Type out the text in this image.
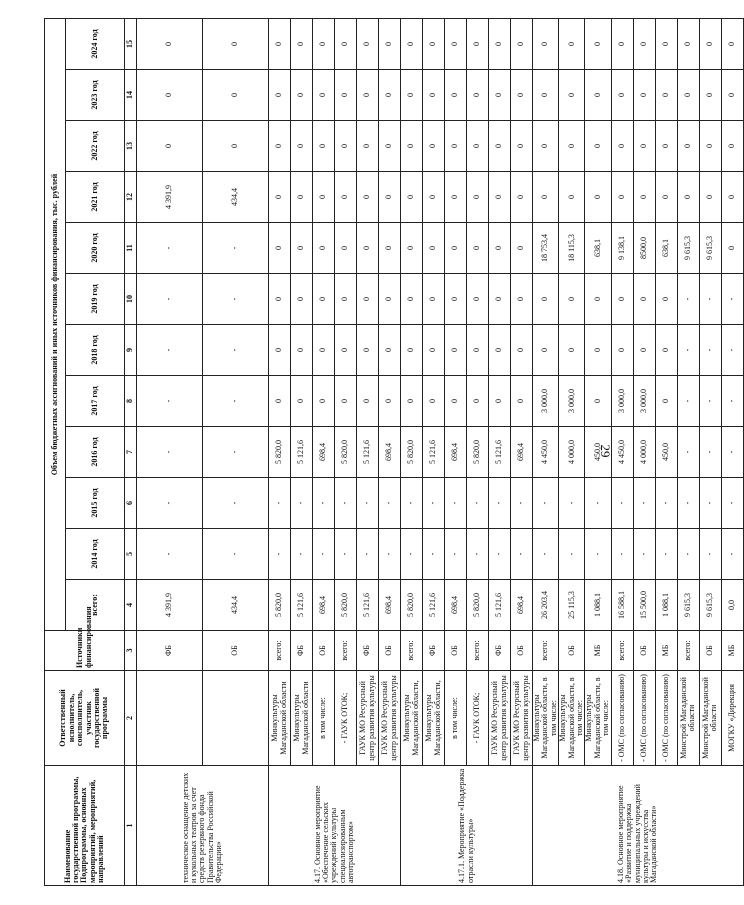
29
Наименование государственной программы, Подпрограммы, основных мероприятий, мероприятий, направлений	Ответственный исполнитель, соисполнитель, участник государственной программы	Источники финансирования	Объем бюджетных ассигнований и иных источников финансирования, тыс. рублей											
			всего:	2014 год	2015 год	2016 год	2017 год	2018 год	2019 год	2020 год	2021 год	2022 год	2023 год	2024 год
1	2	3	4	5	6	7	8	9	10	11	12	13	14	15
техническое оснащение детских и кукольных театров за счет средств резервного фонда Правительства Российской Федерации»		ФБ	4 391,9	-	-	-	-	-	-	-	4 391,9	0	0	0
		ОБ	434,4	-	-	-	-	-	-	-	434,4	0	0	0
4.17. Основное мероприятие «Обеспечение сельских учреждений культуры специализированным автотранспортом»	Минкультуры Магаданской области	всего:	5 820,0	-	-	5 820,0	0	0	0	0	0	0	0	0
	Минкультуры Магаданской области	ФБ	5 121,6	-	-	5 121,6	0	0	0	0	0	0	0	0
	в том числе:	ОБ	698,4	-	-	698,4	0	0	0	0	0	0	0	0
	- ГАУК ОТОК;	всего:	5 820,0	-	-	5 820,0	0	0	0	0	0	0	0	0
	ГАУК МО Ресурсный центр развития культуры	ФБ	5 121,6	-	-	5 121,6	0	0	0	0	0	0	0	0
	ГАУК МО Ресурсный центр развития культуры	ОБ	698,4	-	-	698,4	0	0	0	0	0	0	0	0
4.17.1. Мероприятие «Поддержка отрасли культуры»	Минкультуры Магаданской области,	всего:	5 820,0	-	-	5 820,0	0	0	0	0	0	0	0	0
	Минкультуры Магаданской области,	ФБ	5 121,6	-	-	5 121,6	0	0	0	0	0	0	0	0
	в том числе:	ОБ	698,4	-	-	698,4	0	0	0	0	0	0	0	0
	- ГАУК ОТОК;	всего:	5 820,0	-	-	5 820,0	0	0	0	0	0	0	0	0
	ГАУК МО Ресурсный центр развития культуры	ФБ	5 121,6	-	-	5 121,6	0	0	0	0	0	0	0	0
	ГАУК МО Ресурсный центр развития культуры	ОБ	698,4	-	-	698,4	0	0	0	0	0	0	0	0
4.18. Основное мероприятие «Развитие и поддержка муниципальных учреждений культуры и искусства Магаданской области»	Минкультуры Магаданской области, в том числе:	всего:	26 203,4	-	-	4 450,0	3 000,0	0	0	18 753,4	0	0	0	0
	Минкультуры Магаданской области, в том числе:	ОБ	25 115,3	-	-	4 000,0	3 000,0	0	0	18 115,3	0	0	0	0
	Минкультуры Магаданской области, в том числе:	МБ	1 088,1	-	-	450,0	0	0	0	638,1	0	0	0	0
	- ОМС (по согласованию)	всего:	16 588,1	-	-	4 450,0	3 000,0	0	0	9 138,1	0	0	0	0
	- ОМС (по согласованию)	ОБ	15 500,0	-	-	4 000,0	3 000,0	0	0	8500,0	0	0	0	0
	- ОМС (по согласованию)	МБ	1 088,1	-	-	450,0	0	0	0	638,1	0	0	0	0
	Минстрой Магаданской области	всего:	9 615,3	-	-	-	-	-	-	9 615,3	0	0	0	0
	Минстрой Магаданской области	ОБ	9 615,3	-	-	-	-	-	-	9 615,3	0	0	0	0
	МОГКУ «Дирекция	МБ	0,0	-	-	-	-	-	-	0	0	0	0	0
